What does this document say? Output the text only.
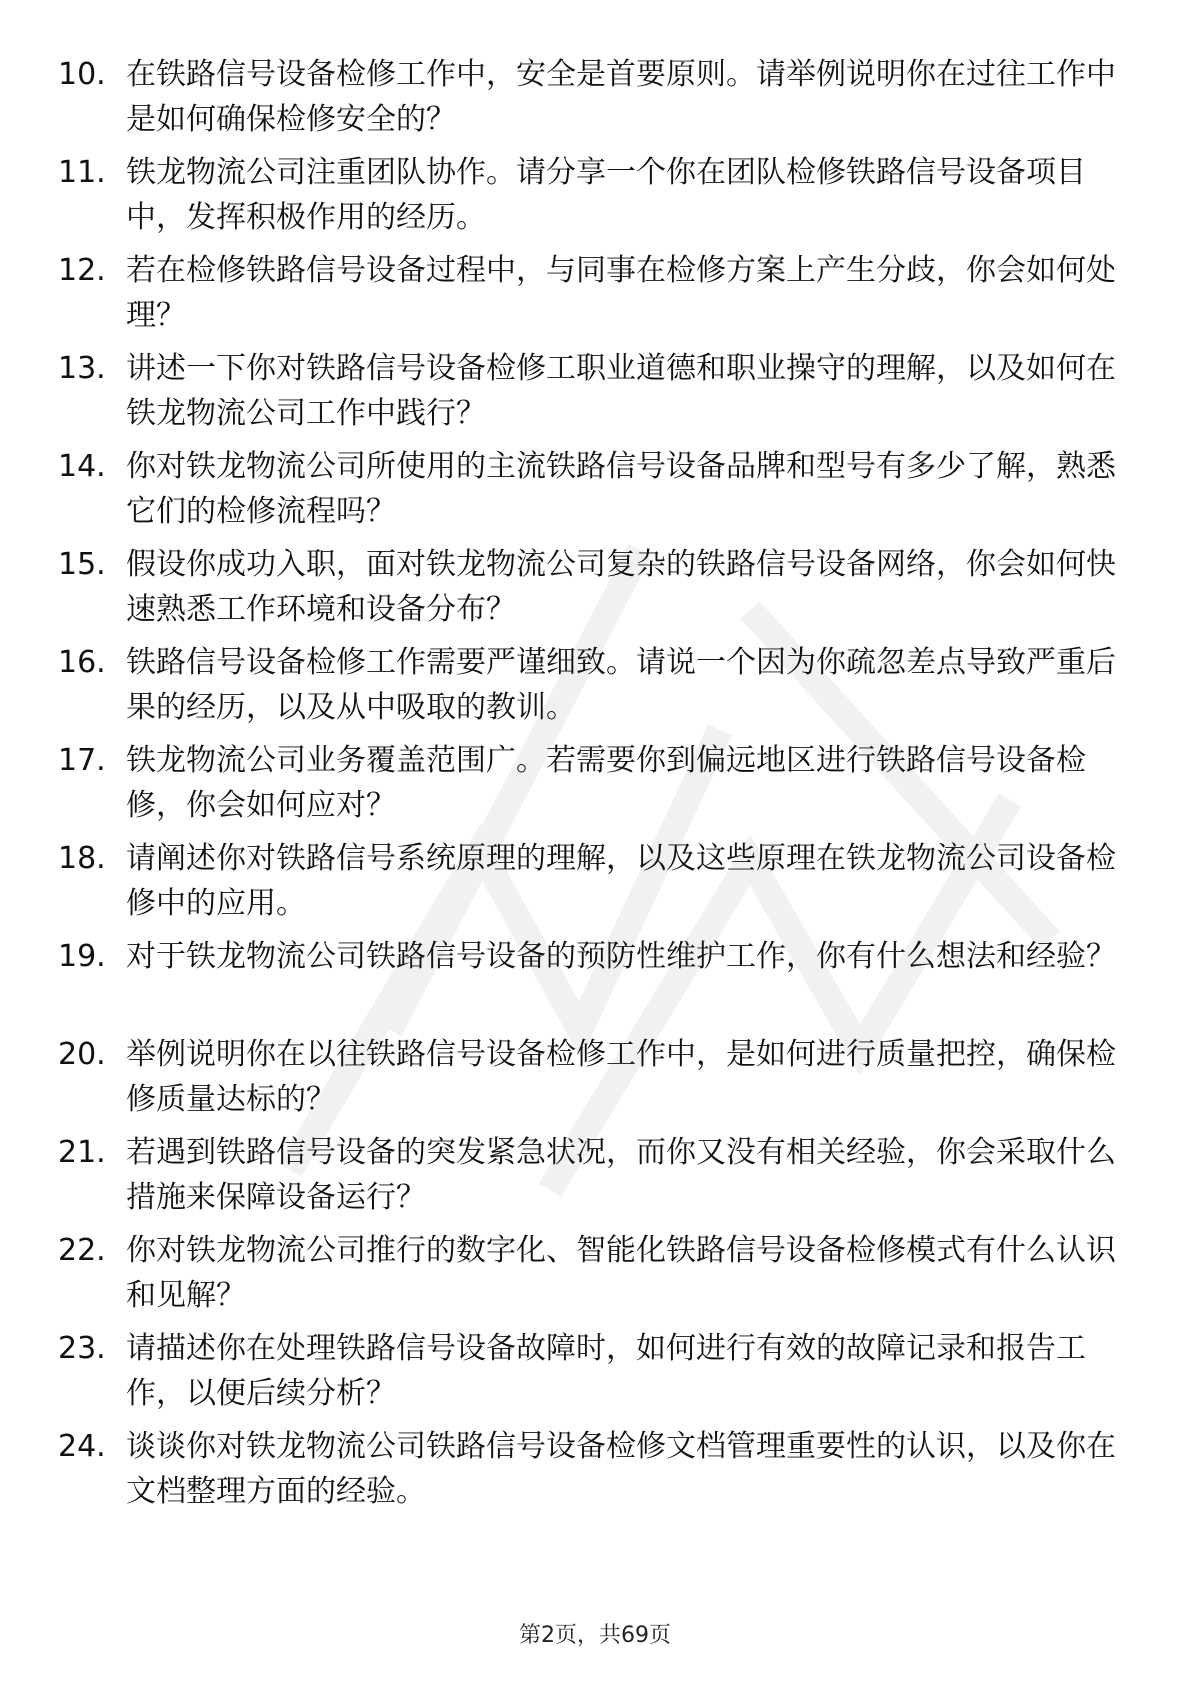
10. 在铁路信号设备检修工作中，安全是首要原则。请举例说明你在过往工作中是如何确保检修安全的？
11. 铁龙物流公司注重团队协作。请分享一个你在团队检修铁路信号设备项目中，发挥积极作用的经历。
12. 若在检修铁路信号设备过程中，与同事在检修方案上产生分歧，你会如何处理？
13. 讲述一下你对铁路信号设备检修工职业道德和职业操守的理解，以及如何在铁龙物流公司工作中践行？
14. 你对铁龙物流公司所使用的主流铁路信号设备品牌和型号有多少了解，熟悉它们的检修流程吗？
15. 假设你成功入职，面对铁龙物流公司复杂的铁路信号设备网络，你会如何快速熟悉工作环境和设备分布？
16. 铁路信号设备检修工作需要严谨细致。请说一个因为你疏忽差点导致严重后果的经历，以及从中吸取的教训。
17. 铁龙物流公司业务覆盖范围广。若需要你到偏远地区进行铁路信号设备检修，你会如何应对？
18. 请阐述你对铁路信号系统原理的理解，以及这些原理在铁龙物流公司设备检修中的应用。
19. 对于铁龙物流公司铁路信号设备的预防性维护工作，你有什么想法和经验？
20. 举例说明你在以往铁路信号设备检修工作中，是如何进行质量把控，确保检修质量达标的？
21. 若遇到铁路信号设备的突发紧急状况，而你又没有相关经验，你会采取什么措施来保障设备运行？
22. 你对铁龙物流公司推行的数字化、智能化铁路信号设备检修模式有什么认识和见解？
23. 请描述你在处理铁路信号设备故障时，如何进行有效的故障记录和报告工作，以便后续分析？
24. 谈谈你对铁龙物流公司铁路信号设备检修文档管理重要性的认识，以及你在文档整理方面的经验。
第2页，共69页
